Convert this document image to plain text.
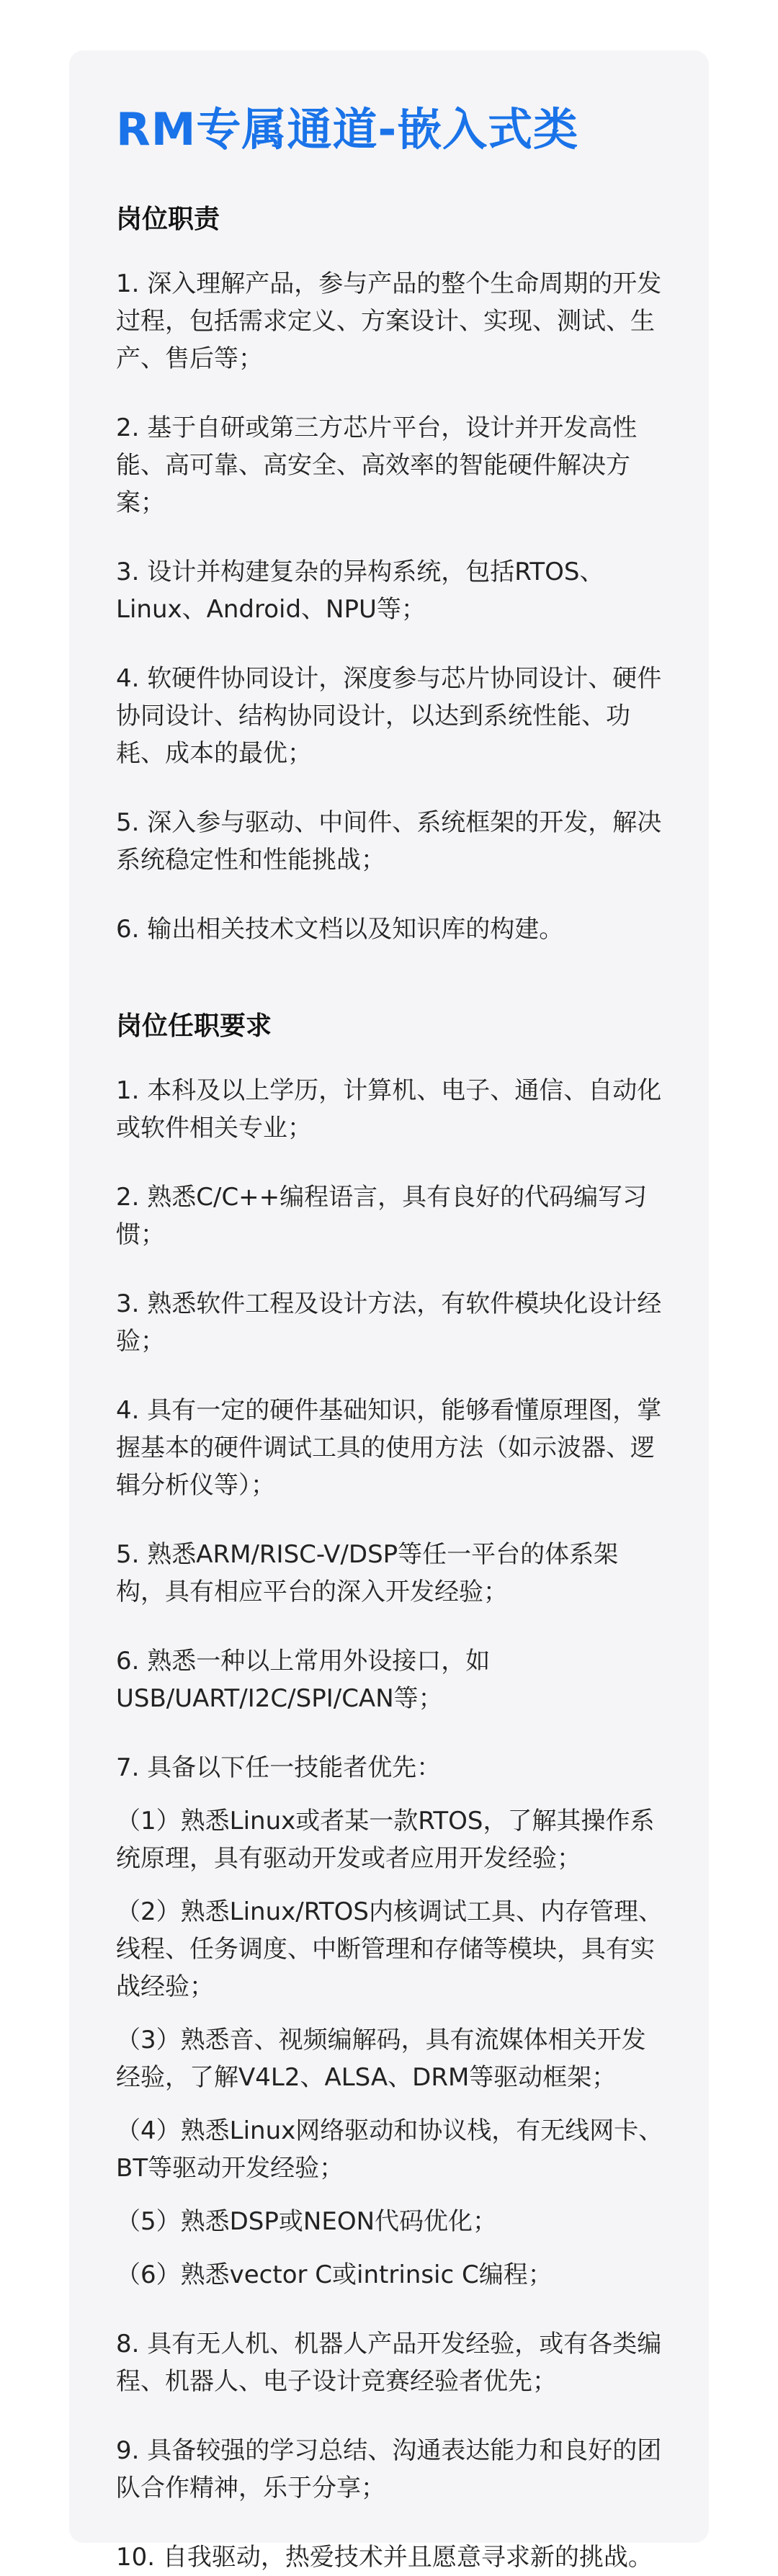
RM专属通道-嵌入式类
岗位职责
1. 深入理解产品，参与产品的整个生命周期的开发过程，包括需求定义、方案设计、实现、测试、生产、售后等；
2. 基于自研或第三方芯片平台，设计并开发高性能、高可靠、高安全、高效率的智能硬件解决方案；
3. 设计并构建复杂的异构系统，包括RTOS、Linux、Android、NPU等；
4. 软硬件协同设计，深度参与芯片协同设计、硬件协同设计、结构协同设计，以达到系统性能、功耗、成本的最优；
5. 深入参与驱动、中间件、系统框架的开发，解决系统稳定性和性能挑战；
6. 输出相关技术文档以及知识库的构建。
岗位任职要求
1. 本科及以上学历，计算机、电子、通信、自动化或软件相关专业；
2. 熟悉C/C++编程语言，具有良好的代码编写习惯；
3. 熟悉软件工程及设计方法，有软件模块化设计经验；
4. 具有一定的硬件基础知识，能够看懂原理图，掌握基本的硬件调试工具的使用方法（如示波器、逻辑分析仪等）；
5. 熟悉ARM/RISC-V/DSP等任一平台的体系架构，具有相应平台的深入开发经验；
6. 熟悉一种以上常用外设接口，如USB/UART/I2C/SPI/CAN等；
7. 具备以下任一技能者优先：
（1）熟悉Linux或者某一款RTOS，了解其操作系统原理，具有驱动开发或者应用开发经验；
（2）熟悉Linux/RTOS内核调试工具、内存管理、线程、任务调度、中断管理和存储等模块，具有实战经验；
（3）熟悉音、视频编解码，具有流媒体相关开发经验，了解V4L2、ALSA、DRM等驱动框架；
（4）熟悉Linux网络驱动和协议栈，有无线网卡、BT等驱动开发经验；
（5）熟悉DSP或NEON代码优化；
（6）熟悉vector C或intrinsic C编程；
8. 具有无人机、机器人产品开发经验，或有各类编程、机器人、电子设计竞赛经验者优先；
9. 具备较强的学习总结、沟通表达能力和良好的团队合作精神，乐于分享；
10. 自我驱动，热爱技术并且愿意寻求新的挑战。
